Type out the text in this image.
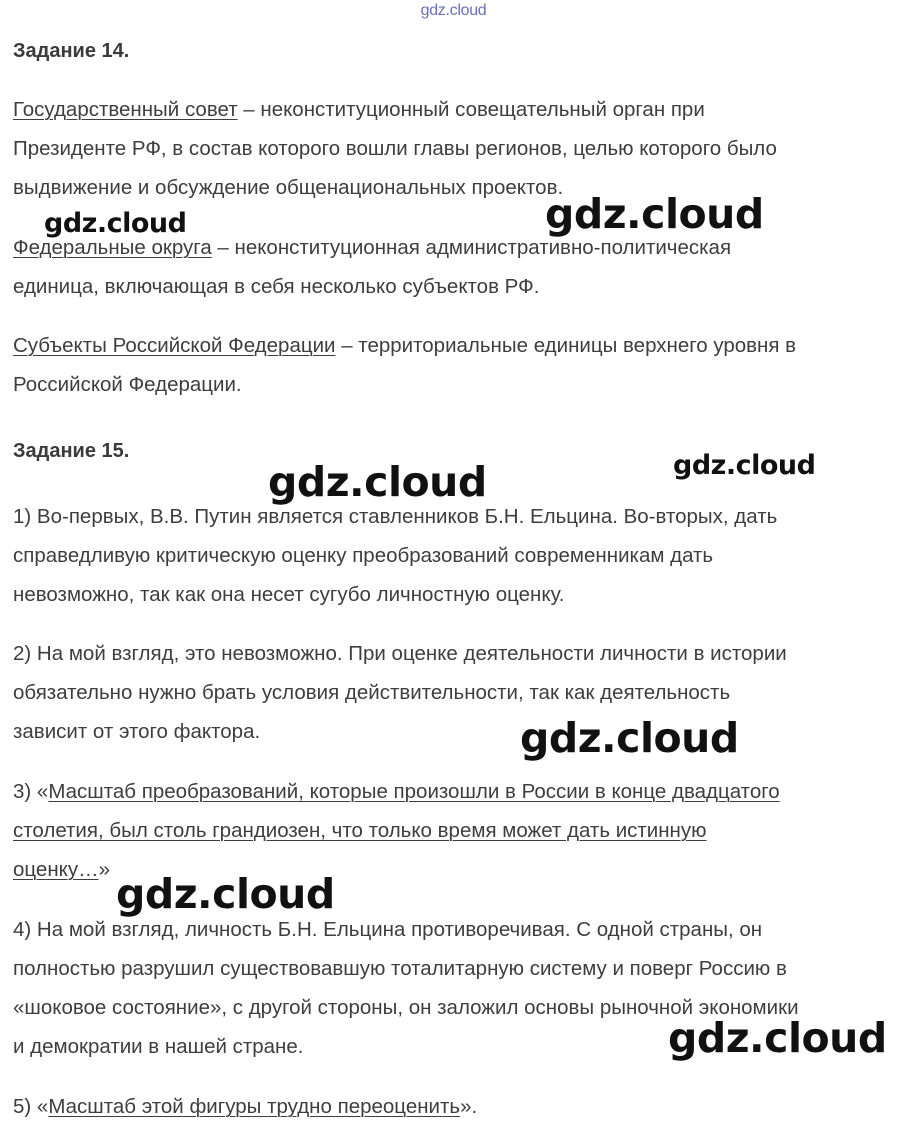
gdz.cloud
Задание 14.

Государственный совет – неконституционный совещательный орган при
Президенте РФ, в состав которого вошли главы регионов, целью которого было
выдвижение и обсуждение общенациональных проектов.

Федеральные округа – неконституционная административно-политическая
единица, включающая в себя несколько субъектов РФ.

Субъекты Российской Федерации – территориальные единицы верхнего уровня в
Российской Федерации.

Задание 15.

1) Во-первых, В.В. Путин является ставленников Б.Н. Ельцина. Во-вторых, дать
справедливую критическую оценку преобразований современникам дать
невозможно, так как она несет сугубо личностную оценку.

2) На мой взгляд, это невозможно. При оценке деятельности личности в истории
обязательно нужно брать условия действительности, так как деятельность
зависит от этого фактора.

3) «Масштаб преобразований, которые произошли в России в конце двадцатого
столетия, был столь грандиозен, что только время может дать истинную
оценку…»

4) На мой взгляд, личность Б.Н. Ельцина противоречивая. С одной страны, он
полностью разрушил существовавшую тоталитарную систему и поверг Россию в
«шоковое состояние», с другой стороны, он заложил основы рыночной экономики
и демократии в нашей стране.

5) «Масштаб этой фигуры трудно переоценить».

gdz.cloud	gdz.cloud
gdz.cloud
gdz.cloud
gdz.cloud
gdz.cloud
gdz.cloud
